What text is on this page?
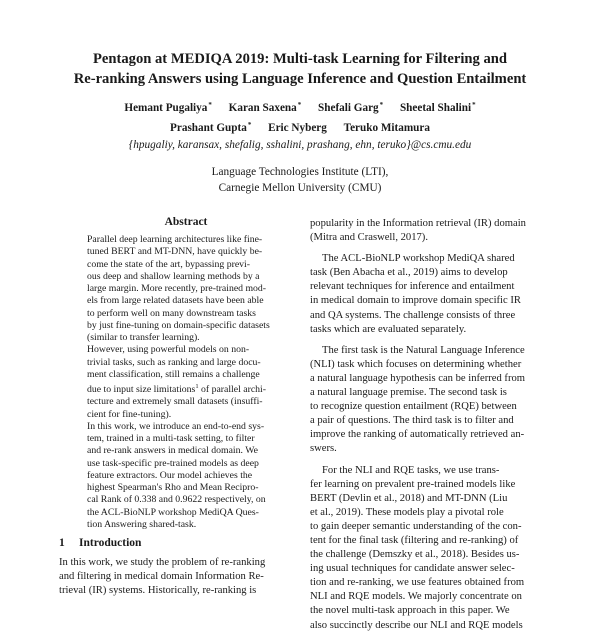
Pentagon at MEDIQA 2019: Multi-task Learning for Filtering and
Re-ranking Answers using Language Inference and Question Entailment
Hemant Pugaliya* Karan Saxena* Shefali Garg* Sheetal Shalini*
Prashant Gupta* Eric Nyberg Teruko Mitamura
{hpugaliy, karansax, shefalig, sshalini, prashang, ehn, teruko}@cs.cmu.edu
Language Technologies Institute (LTI),
Carnegie Mellon University (CMU)
Abstract
Parallel deep learning architectures like fine-
tuned BERT and MT-DNN, have quickly be-
come the state of the art, bypassing previ-
ous deep and shallow learning methods by a
large margin. More recently, pre-trained mod-
els from large related datasets have been able
to perform well on many downstream tasks
by just fine-tuning on domain-specific datasets
(similar to transfer learning).
However, using powerful models on non-
trivial tasks, such as ranking and large docu-
ment classification, still remains a challenge
due to input size limitations$^1$ of parallel archi-
tecture and extremely small datasets (insuffi-
cient for fine-tuning).
In this work, we introduce an end-to-end sys-
tem, trained in a multi-task setting, to filter
and re-rank answers in medical domain. We
use task-specific pre-trained models as deep
feature extractors. Our model achieves the
highest Spearman's Rho and Mean Recipro-
cal Rank of 0.338 and 0.9622 respectively, on
the ACL-BioNLP workshop MediQA Ques-
tion Answering shared-task.
1 Introduction
In this work, we study the problem of re-ranking
and filtering in medical domain Information Re-
trieval (IR) systems. Historically, re-ranking is
popularity in the Information retrieval (IR) domain
(Mitra and Craswell, 2017).
The ACL-BioNLP workshop MediQA shared
task (Ben Abacha et al., 2019) aims to develop
relevant techniques for inference and entailment
in medical domain to improve domain specific IR
and QA systems. The challenge consists of three
tasks which are evaluated separately.
The first task is the Natural Language Inference
(NLI) task which focuses on determining whether
a natural language hypothesis can be inferred from
a natural language premise. The second task is
to recognize question entailment (RQE) between
a pair of questions. The third task is to filter and
improve the ranking of automatically retrieved an-
swers.
For the NLI and RQE tasks, we use trans-
fer learning on prevalent pre-trained models like
BERT (Devlin et al., 2018) and MT-DNN (Liu
et al., 2019). These models play a pivotal role
to gain deeper semantic understanding of the con-
tent for the final task (filtering and re-ranking) of
the challenge (Demszky et al., 2018). Besides us-
ing usual techniques for candidate answer selec-
tion and re-ranking, we use features obtained from
NLI and RQE models. We majorly concentrate on
the novel multi-task approach in this paper. We
also succinctly describe our NLI and RQE models
